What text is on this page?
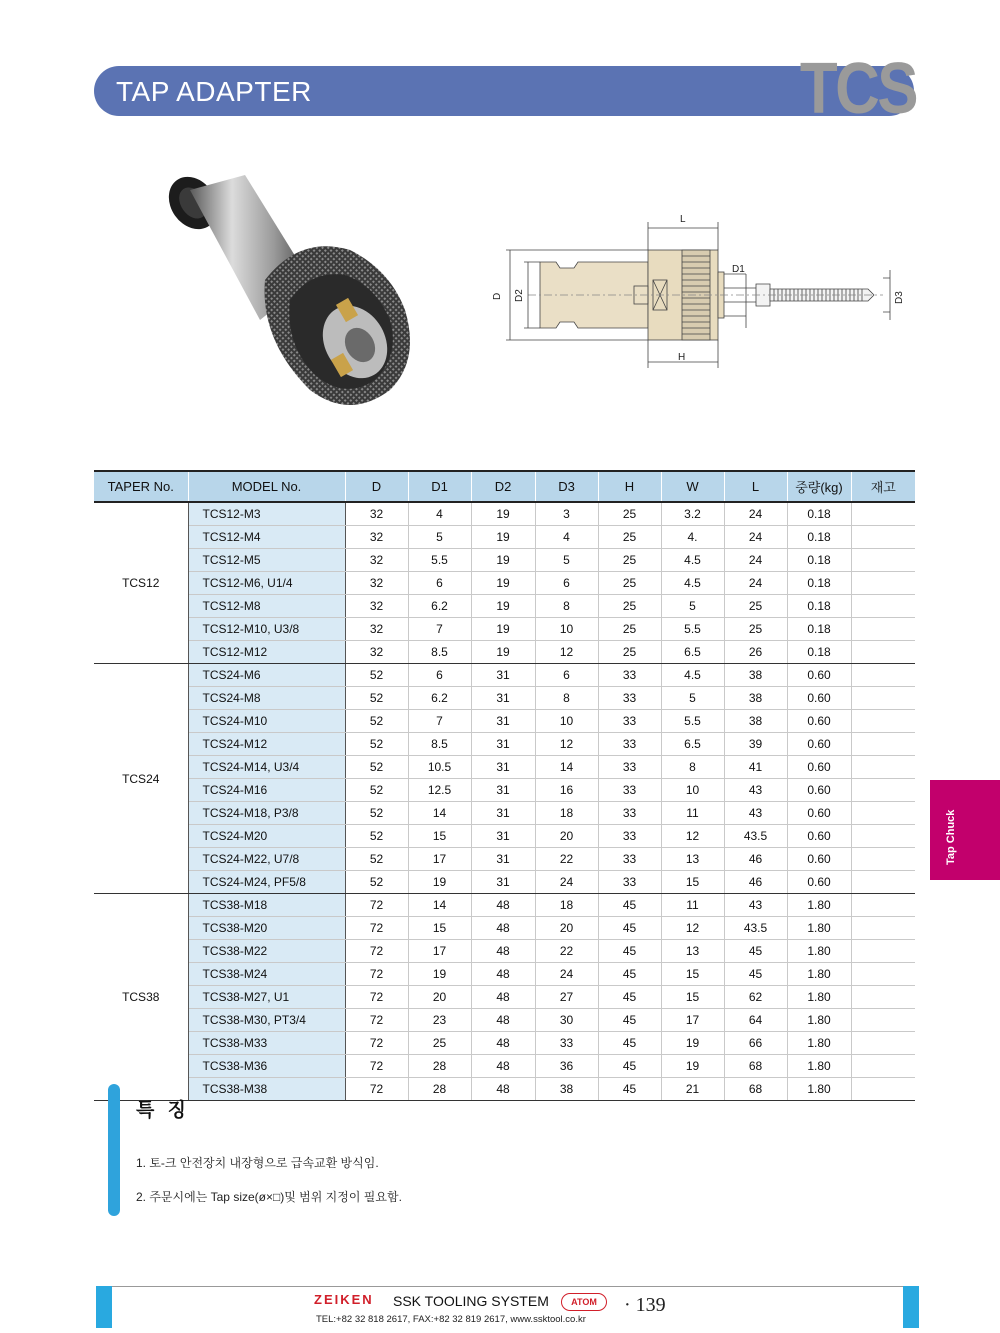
TAP ADAPTER	TCS
L
D1
D D2	D3
H
Tap Chuck
TAPER No.	MODEL No.	D	D1	D2	D3	H	W	L	중량(kg)	재고
TCS12	TCS12-M3	32	4	19	3	25	3.2	24	0.18	
	TCS12-M4	32	5	19	4	25	4.	24	0.18	
	TCS12-M5	32	5.5	19	5	25	4.5	24	0.18	
	TCS12-M6, U1/4	32	6	19	6	25	4.5	24	0.18	
	TCS12-M8	32	6.2	19	8	25	5	25	0.18	
	TCS12-M10, U3/8	32	7	19	10	25	5.5	25	0.18	
	TCS12-M12	32	8.5	19	12	25	6.5	26	0.18	
TCS24	TCS24-M6	52	6	31	6	33	4.5	38	0.60	
	TCS24-M8	52	6.2	31	8	33	5	38	0.60	
	TCS24-M10	52	7	31	10	33	5.5	38	0.60	
	TCS24-M12	52	8.5	31	12	33	6.5	39	0.60	
	TCS24-M14, U3/4	52	10.5	31	14	33	8	41	0.60	
	TCS24-M16	52	12.5	31	16	33	10	43	0.60	
	TCS24-M18, P3/8	52	14	31	18	33	11	43	0.60	
	TCS24-M20	52	15	31	20	33	12	43.5	0.60	
	TCS24-M22, U7/8	52	17	31	22	33	13	46	0.60	
	TCS24-M24, PF5/8	52	19	31	24	33	15	46	0.60	
TCS38	TCS38-M18	72	14	48	18	45	11	43	1.80	
	TCS38-M20	72	15	48	20	45	12	43.5	1.80	
	TCS38-M22	72	17	48	22	45	13	45	1.80	
	TCS38-M24	72	19	48	24	45	15	45	1.80	
	TCS38-M27, U1	72	20	48	27	45	15	62	1.80	
	TCS38-M30, PT3/4	72	23	48	30	45	17	64	1.80	
	TCS38-M33	72	25	48	33	45	19	66	1.80	
	TCS38-M36	72	28	48	36	45	19	68	1.80	
	TCS38-M38	72	28	48	38	45	21	68	1.80	
특 징
1. 토-크 안전장치 내장형으로 급속교환 방식임.
2. 주문시에는 Tap size(ø×□)및 범위 지정이 필요함.
ZEIKEN SSK TOOLING SYSTEM	ATOM	· 139
TEL:+82 32 818 2617, FAX:+82 32 819 2617, www.ssktool.co.kr
